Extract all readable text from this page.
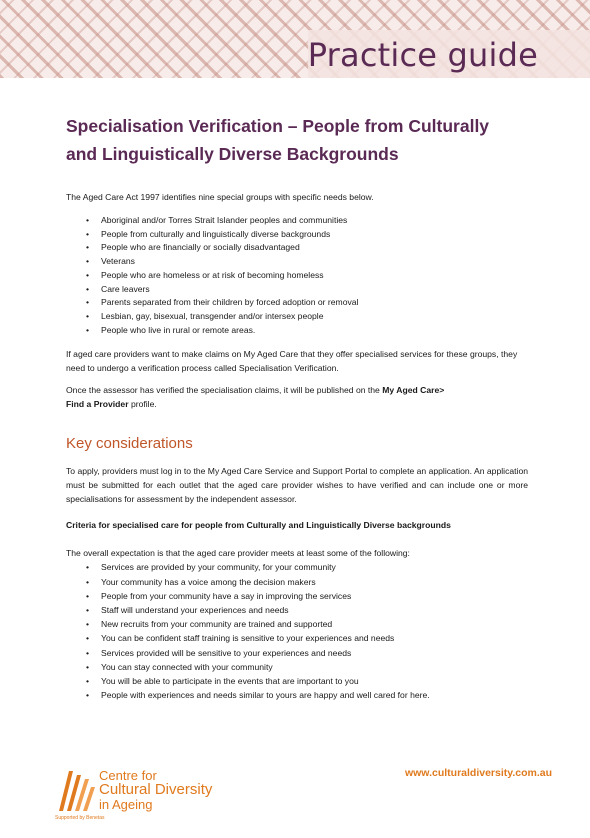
Practice guide
Specialisation Verification – People from Culturally
and Linguistically Diverse Backgrounds

The Aged Care Act 1997 identifies nine special groups with specific needs below.

• Aboriginal and/or Torres Strait Islander peoples and communities
• People from culturally and linguistically diverse backgrounds
• People who are financially or socially disadvantaged
• Veterans
• People who are homeless or at risk of becoming homeless
• Care leavers
• Parents separated from their children by forced adoption or removal
• Lesbian, gay, bisexual, transgender and/or intersex people
• People who live in rural or remote areas.

If aged care providers want to make claims on My Aged Care that they offer specialised services for these groups, they need to undergo a verification process called Specialisation Verification.

Once the assessor has verified the specialisation claims, it will be published on the My Aged Care>
Find a Provider profile.

Key considerations

To apply, providers must log in to the My Aged Care Service and Support Portal to complete an application. An application must be submitted for each outlet that the aged care provider wishes to have verified and can include one or more specialisations for assessment by the independent assessor.

Criteria for specialised care for people from Culturally and Linguistically Diverse backgrounds

The overall expectation is that the aged care provider meets at least some of the following:

• Services are provided by your community, for your community
• Your community has a voice among the decision makers
• People from your community have a say in improving the services
• Staff will understand your experiences and needs
• New recruits from your community are trained and supported
• You can be confident staff training is sensitive to your experiences and needs
• Services provided will be sensitive to your experiences and needs
• You can stay connected with your community
• You will be able to participate in the events that are important to you
• People with experiences and needs similar to yours are happy and well cared for here.
Centre for
Cultural Diversity
in Ageing
Supported by Benetas
www.culturaldiversity.com.au
